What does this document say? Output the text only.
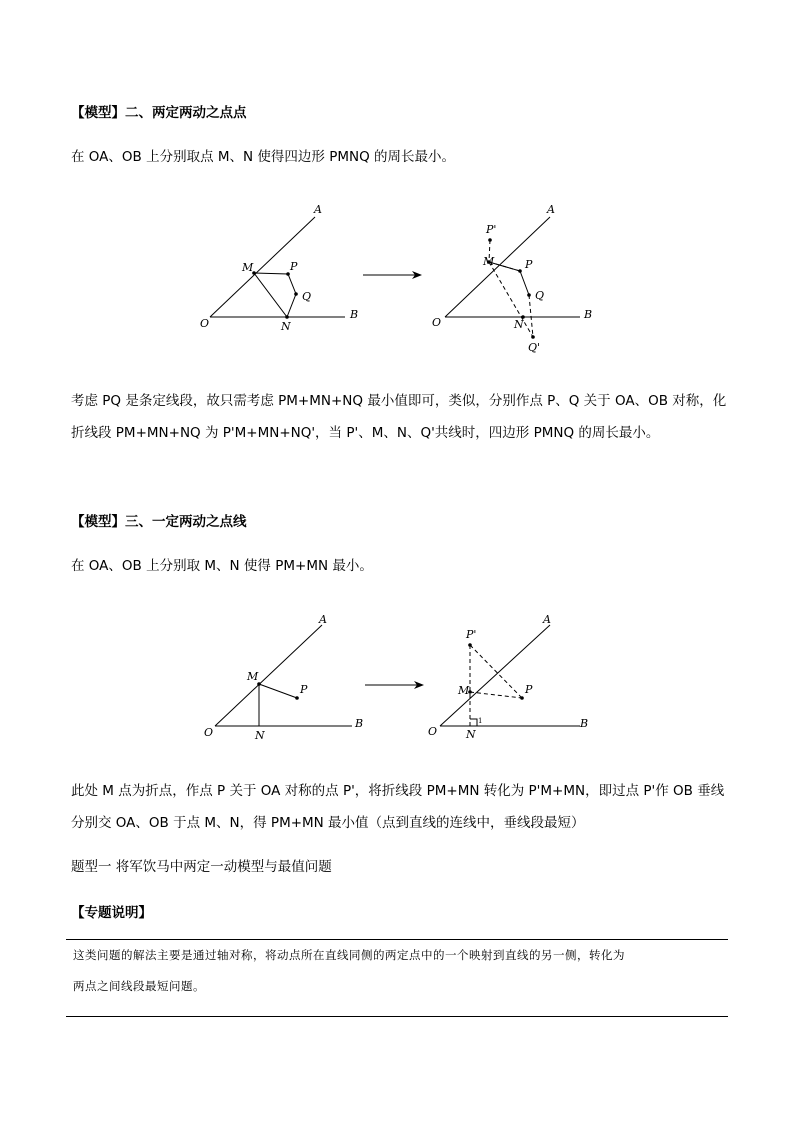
【模型】二、两定两动之点点
在 OA、OB 上分别取点 M、N 使得四边形 PMNQ 的周长最小。
A
B
O
M	P
Q
N
A
B
O
P'
M	P
Q
N
Q'
考虑 PQ 是条定线段，故只需考虑 PM+MN+NQ 最小值即可，类似，分别作点 P、Q 关于 OA、OB 对称，化
折线段 PM+MN+NQ 为 P'M+MN+NQ'，当 P'、M、N、Q'共线时，四边形 PMNQ 的周长最小。
【模型】三、一定两动之点线
在 OA、OB 上分别取 M、N 使得 PM+MN 最小。
A
B
O
M
P
N
A
B
O
P'
M	P
N
1
此处 M 点为折点，作点 P 关于 OA 对称的点 P'，将折线段 PM+MN 转化为 P'M+MN，即过点 P'作 OB 垂线
分别交 OA、OB 于点 M、N，得 PM+MN 最小值（点到直线的连线中，垂线段最短）
题型一 将军饮马中两定一动模型与最值问题
【专题说明】
这类问题的解法主要是通过轴对称，将动点所在直线同侧的两定点中的一个映射到直线的另一侧，转化为
两点之间线段最短问题。
